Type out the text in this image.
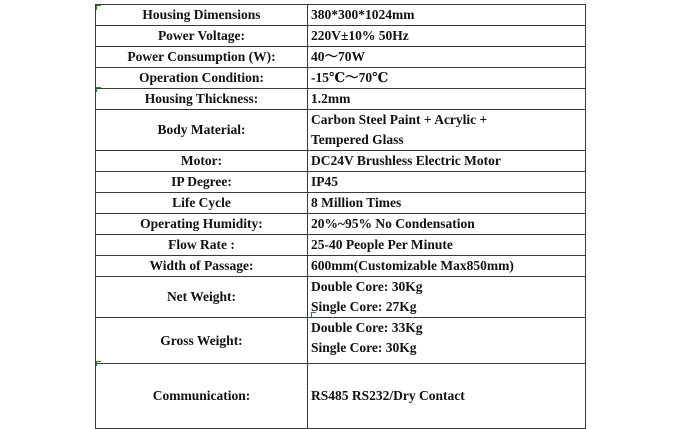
Housing Dimensions	380*300*1024mm
Power Voltage:	220V±10% 50Hz
Power Consumption (W):	40～70W
Operation Condition:	-15℃～70℃
Housing Thickness:	1.2mm
Body Material:	Carbon Steel Paint + Acrylic +
Tempered Glass

Motor:	DC24V Brushless Electric Motor
IP Degree:	IP45
Life Cycle	8 Million Times
Operating Humidity:	20%~95% No Condensation
Flow Rate :	25-40 People Per Minute
Width of Passage:	600mm(Customizable Max850mm)
Net Weight:	Double Core: 30Kg
Single Core: 27Kg

Gross Weight:	Double Core: 33Kg
Single Core: 30Kg

Communication:	RS485 RS232/Dry Contact
